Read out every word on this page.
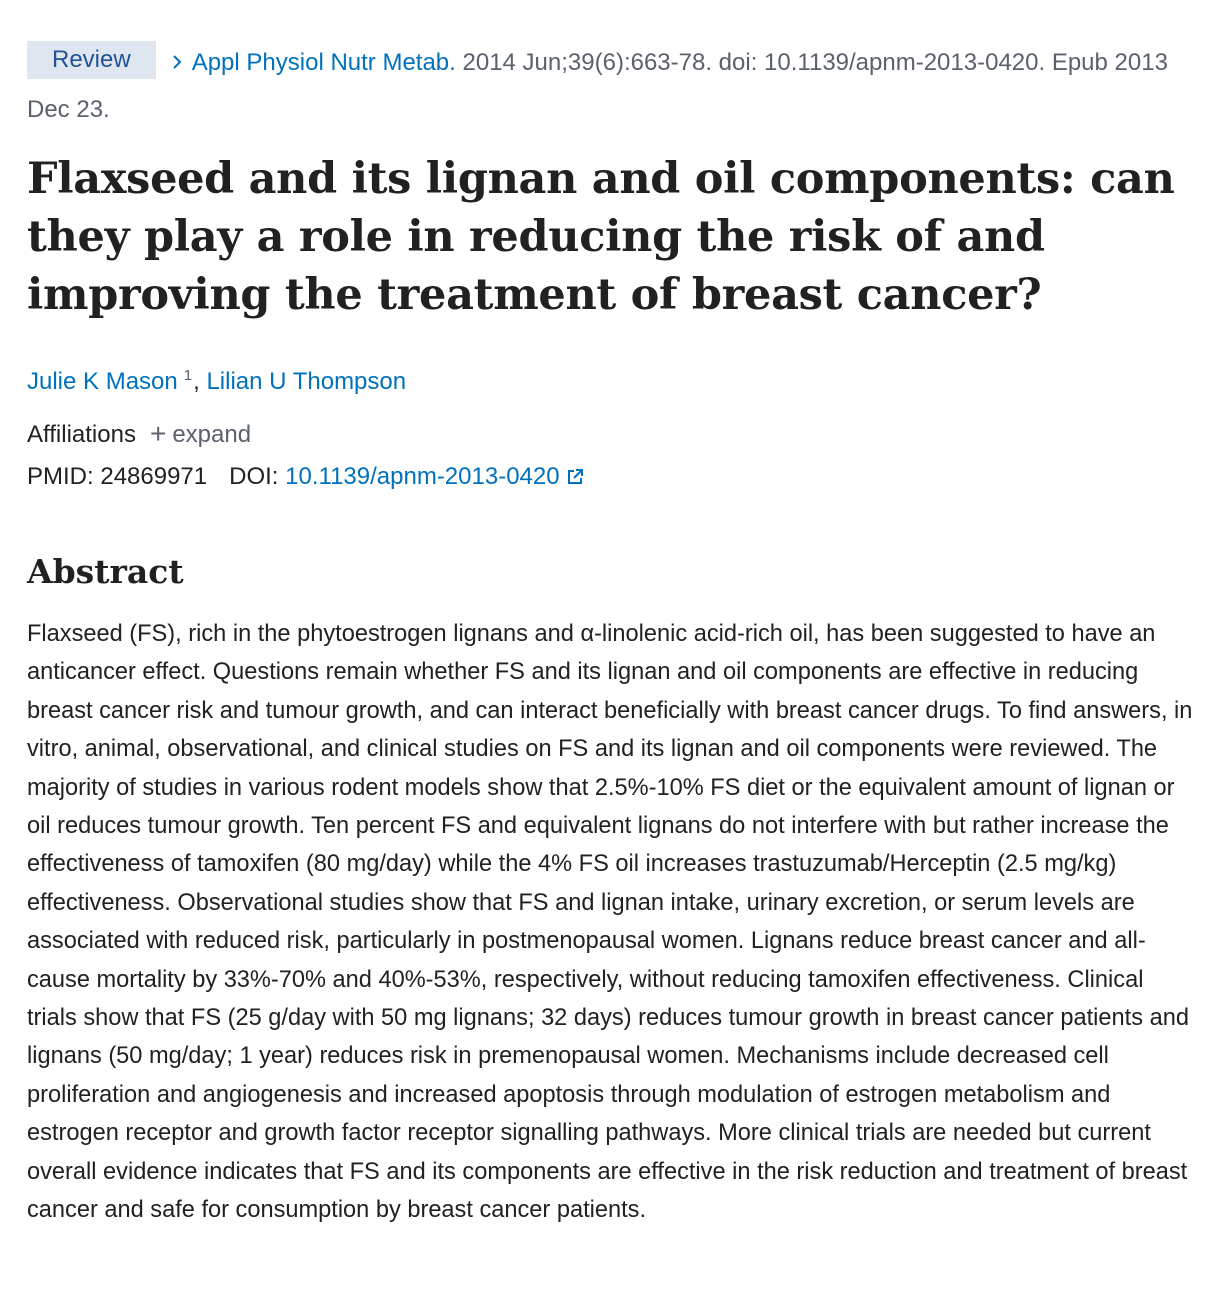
Review	Appl Physiol Nutr Metab. 2014 Jun;39(6):663-78. doi: 10.1139/apnm-2013-0420. Epub 2013 Dec 23.
Flaxseed and its lignan and oil components: can they play a role in reducing the risk of and improving the treatment of breast cancer?
Julie K Mason $^1$, Lilian U Thompson
Affiliations + expand
PMID: 24869971 DOI: 10.1139/apnm-2013-0420
Abstract

Flaxseed (FS), rich in the phytoestrogen lignans and α-linolenic acid-rich oil, has been suggested to have an anticancer effect. Questions remain whether FS and its lignan and oil components are effective in reducing breast cancer risk and tumour growth, and can interact beneficially with breast cancer drugs. To find answers, in vitro, animal, observational, and clinical studies on FS and its lignan and oil components were reviewed. The majority of studies in various rodent models show that 2.5%-10% FS diet or the equivalent amount of lignan or oil reduces tumour growth. Ten percent FS and equivalent lignans do not interfere with but rather increase the effectiveness of tamoxifen (80 mg/day) while the 4% FS oil increases trastuzumab/Herceptin (2.5 mg/kg) effectiveness. Observational studies show that FS and lignan intake, urinary excretion, or serum levels are associated with reduced risk, particularly in postmenopausal women. Lignans reduce breast cancer and all-cause mortality by 33%-70% and 40%-53%, respectively, without reducing tamoxifen effectiveness. Clinical trials show that FS (25 g/day with 50 mg lignans; 32 days) reduces tumour growth in breast cancer patients and lignans (50 mg/day; 1 year) reduces risk in premenopausal women. Mechanisms include decreased cell proliferation and angiogenesis and increased apoptosis through modulation of estrogen metabolism and estrogen receptor and growth factor receptor signalling pathways. More clinical trials are needed but current overall evidence indicates that FS and its components are effective in the risk reduction and treatment of breast cancer and safe for consumption by breast cancer patients.
